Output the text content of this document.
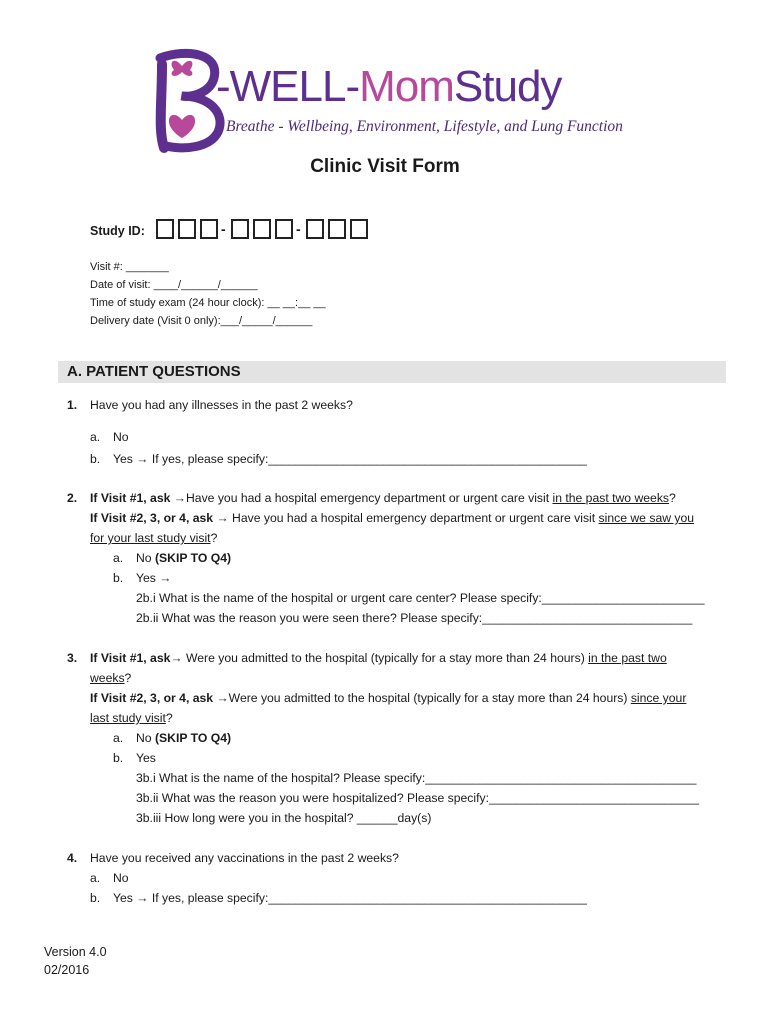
-WELL-MomStudy
Breathe - Wellbeing, Environment, Lifestyle, and Lung Function
Clinic Visit Form
Study ID:	-	-
Visit #: _______
Date of visit: ____/______/______
Time of study exam (24 hour clock): __ __:__ __
Delivery date (Visit 0 only):___/_____/______
A. PATIENT QUESTIONS
1. Have you had any illnesses in the past 2 weeks?
a. No
b. Yes → If yes, please specify:_______________________________________________
2. If Visit #1, ask →Have you had a hospital emergency department or urgent care visit in the past two weeks?
If Visit #2, 3, or 4, ask → Have you had a hospital emergency department or urgent care visit since we saw you
for your last study visit?
a. No (SKIP TO Q4)
b. Yes →
2b.i What is the name of the hospital or urgent care center? Please specify:________________________
2b.ii What was the reason you were seen there? Please specify:_______________________________
3. If Visit #1, ask→ Were you admitted to the hospital (typically for a stay more than 24 hours) in the past two
weeks?
If Visit #2, 3, or 4, ask →Were you admitted to the hospital (typically for a stay more than 24 hours) since your
last study visit?
a. No (SKIP TO Q4)
b. Yes
3b.i What is the name of the hospital? Please specify:________________________________________
3b.ii What was the reason you were hospitalized? Please specify:_______________________________
3b.iii How long were you in the hospital? ______day(s)
4. Have you received any vaccinations in the past 2 weeks?
a. No
b. Yes → If yes, please specify:_______________________________________________
Version 4.0
02/2016
